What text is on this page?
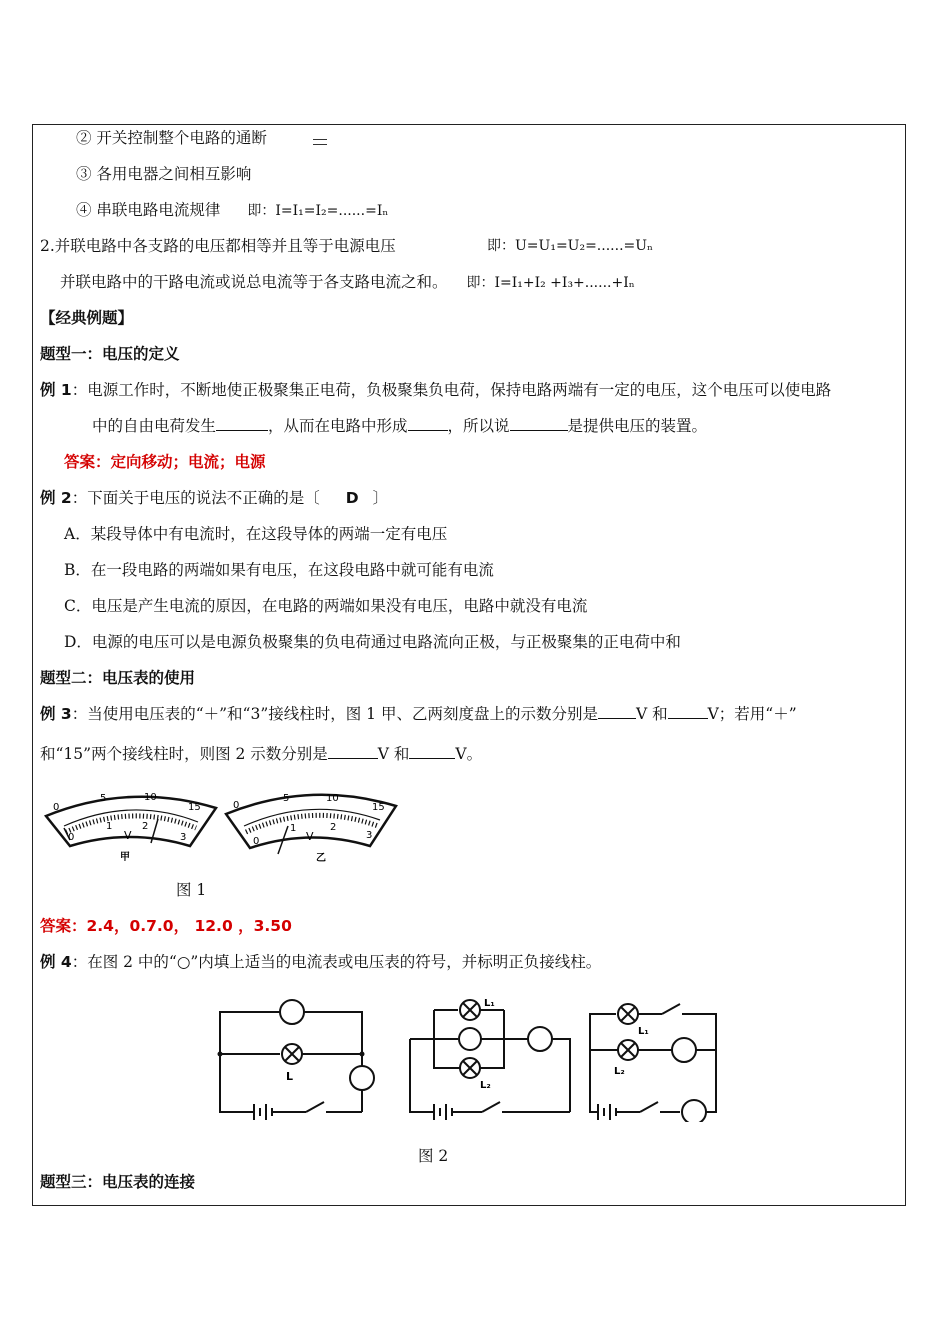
② 开关控制整个电路的通断
③ 各用电器之间相互影响
④ 串联电路电流规律 即：I=I₁=I₂=......=Iₙ
2.并联电路中各支路的电压都相等并且等于电源电压	即：U=U₁=U₂=......=Uₙ
并联电路中的干路电流或说总电流等于各支路电流之和。 即：I=I₁+I₂ +I₃+......+Iₙ
【经典例题】
题型一：电压的定义
例 1：电源工作时，不断地使正极聚集正电荷，负极聚集负电荷，保持电路两端有一定的电压，这个电压可以使电路
中的自由电荷发生	，从而在电路中形成	，所以说	是提供电压的装置。
答案：定向移动；电流；电源
例 2：下面关于电压的说法不正确的是〔 D 〕
A．某段导体中有电流时，在这段导体的两端一定有电压
B．在一段电路的两端如果有电压，在这段电路中就可能有电流
C．电压是产生电流的原因，在电路的两端如果没有电压，电路中就没有电流
D．电源的电压可以是电源负极聚集的负电荷通过电路流向正极，与正极聚集的正电荷中和
题型二：电压表的使用
例 3：当使用电压表的“＋”和“3”接线柱时，图 1 甲、乙两刻度盘上的示数分别是 V 和	V；若用“＋”
和“15”两个接线柱时，则图 2 示数分别是	V 和	V。
0
5	10
15
0
1	2
3
V
甲
0
5	10
15
0
1	2
3
V
乙
图 1
答案：2.4，0.7.0， 12.0 ，3.50
例 4：在图 2 中的“○”内填上适当的电流表或电压表的符号，并标明正负接线柱。
L
L₁
L₂
L₁
L₂
图 2
题型三：电压表的连接
